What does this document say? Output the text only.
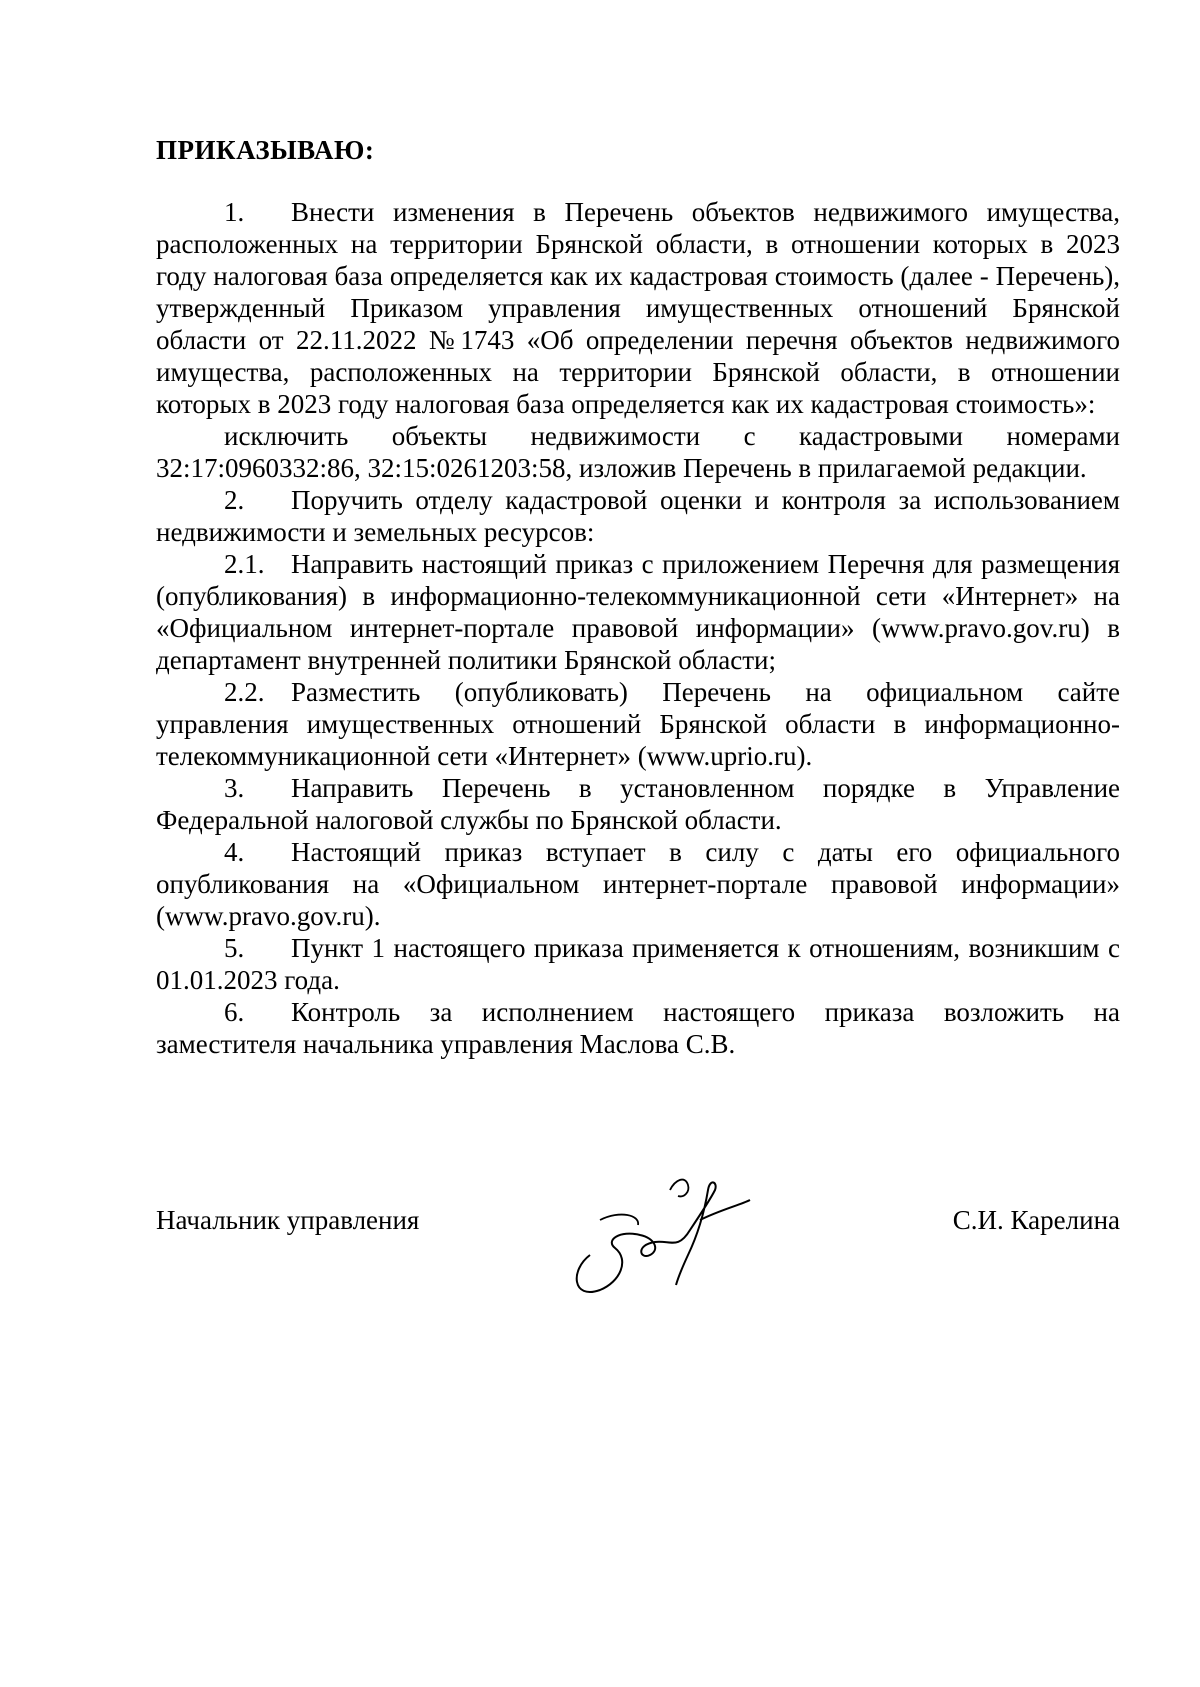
ПРИКАЗЫВАЮ:

1. Внести изменения в Перечень объектов недвижимого имущества, расположенных на территории Брянской области, в отношении которых в 2023 году налоговая база определяется как их кадастровая стоимость (далее - Перечень), утвержденный Приказом управления имущественных отношений Брянской области от 22.11.2022 №1743 «Об определении перечня объектов недвижимого имущества, расположенных на территории Брянской области, в отношении которых в 2023 году налоговая база определяется как их кадастровая стоимость»:

исключить объекты недвижимости с кадастровыми номерами 32:17:0960332:86, 32:15:0261203:58, изложив Перечень в прилагаемой редакции.

2. Поручить отделу кадастровой оценки и контроля за использованием недвижимости и земельных ресурсов:

2.1. Направить настоящий приказ с приложением Перечня для размещения (опубликования) в информационно-телекоммуникационной сети «Интернет» на «Официальном интернет-портале правовой информации» (www.pravo.gov.ru) в департамент внутренней политики Брянской области;

2.2. Разместить (опубликовать) Перечень на официальном сайте управления имущественных отношений Брянской области в информационно-телекоммуникационной сети «Интернет» (www.uprio.ru).

3. Направить Перечень в установленном порядке в Управление Федеральной налоговой службы по Брянской области.

4. Настоящий приказ вступает в силу с даты его официального опубликования на «Официальном интернет-портале правовой информации» (www.pravo.gov.ru).

5. Пункт 1 настоящего приказа применяется к отношениям, возникшим с 01.01.2023 года.

6. Контроль за исполнением настоящего приказа возложить на заместителя начальника управления Маслова С.В.

Начальник управления	С.И. Карелина
